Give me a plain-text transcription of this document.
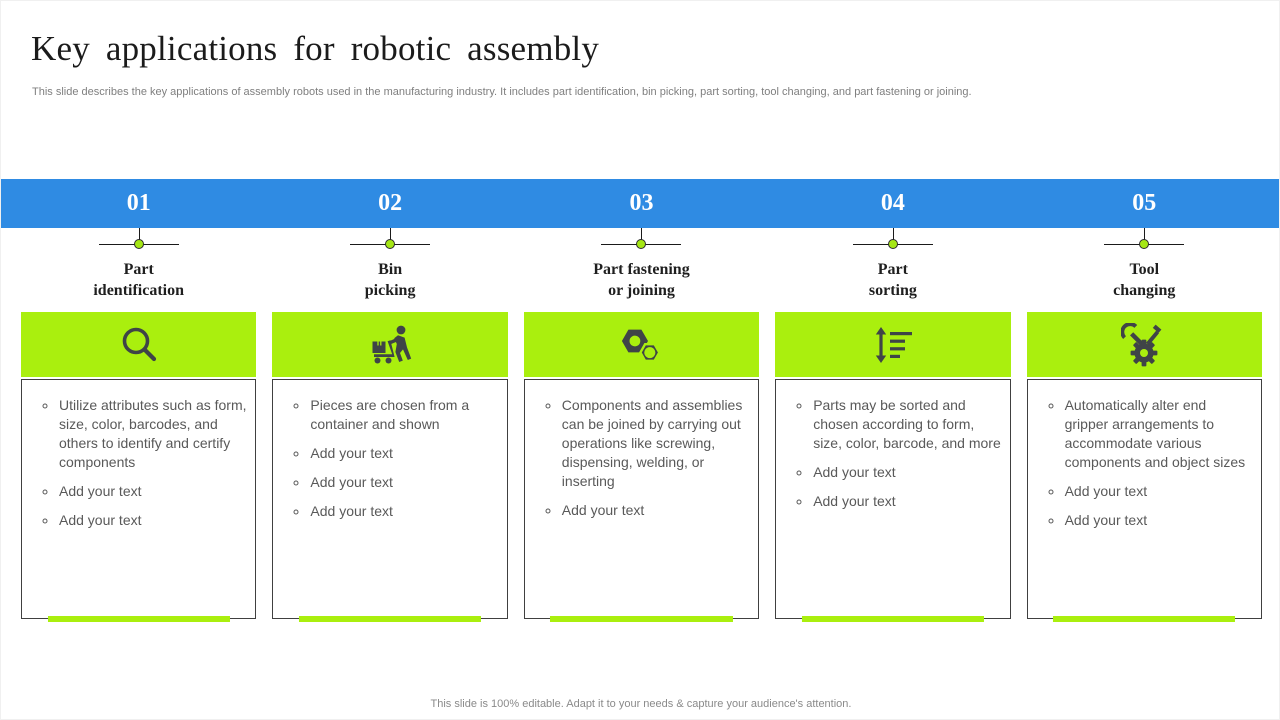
Key applications for robotic assembly
This slide describes the key applications of assembly robots used in the manufacturing industry. It includes part identification, bin picking, part sorting, tool changing, and part fastening or joining.
01
Part
identification
◦ Utilize attributes such as form, size, color, barcodes, and others to identify and certify components
◦ Add your text
◦ Add your text
02
Bin
picking
◦ Pieces are chosen from a container and shown
◦ Add your text
◦ Add your text
◦ Add your text
03
Part fastening
or joining
◦ Components and assemblies can be joined by carrying out operations like screwing, dispensing, welding, or inserting
◦ Add your text
04
Part
sorting
◦ Parts may be sorted and chosen according to form, size, color, barcode, and more
◦ Add your text
◦ Add your text
05
Tool
changing
◦ Automatically alter end gripper arrangements to accommodate various components and object sizes
◦ Add your text
◦ Add your text
This slide is 100% editable. Adapt it to your needs & capture your audience's attention.
